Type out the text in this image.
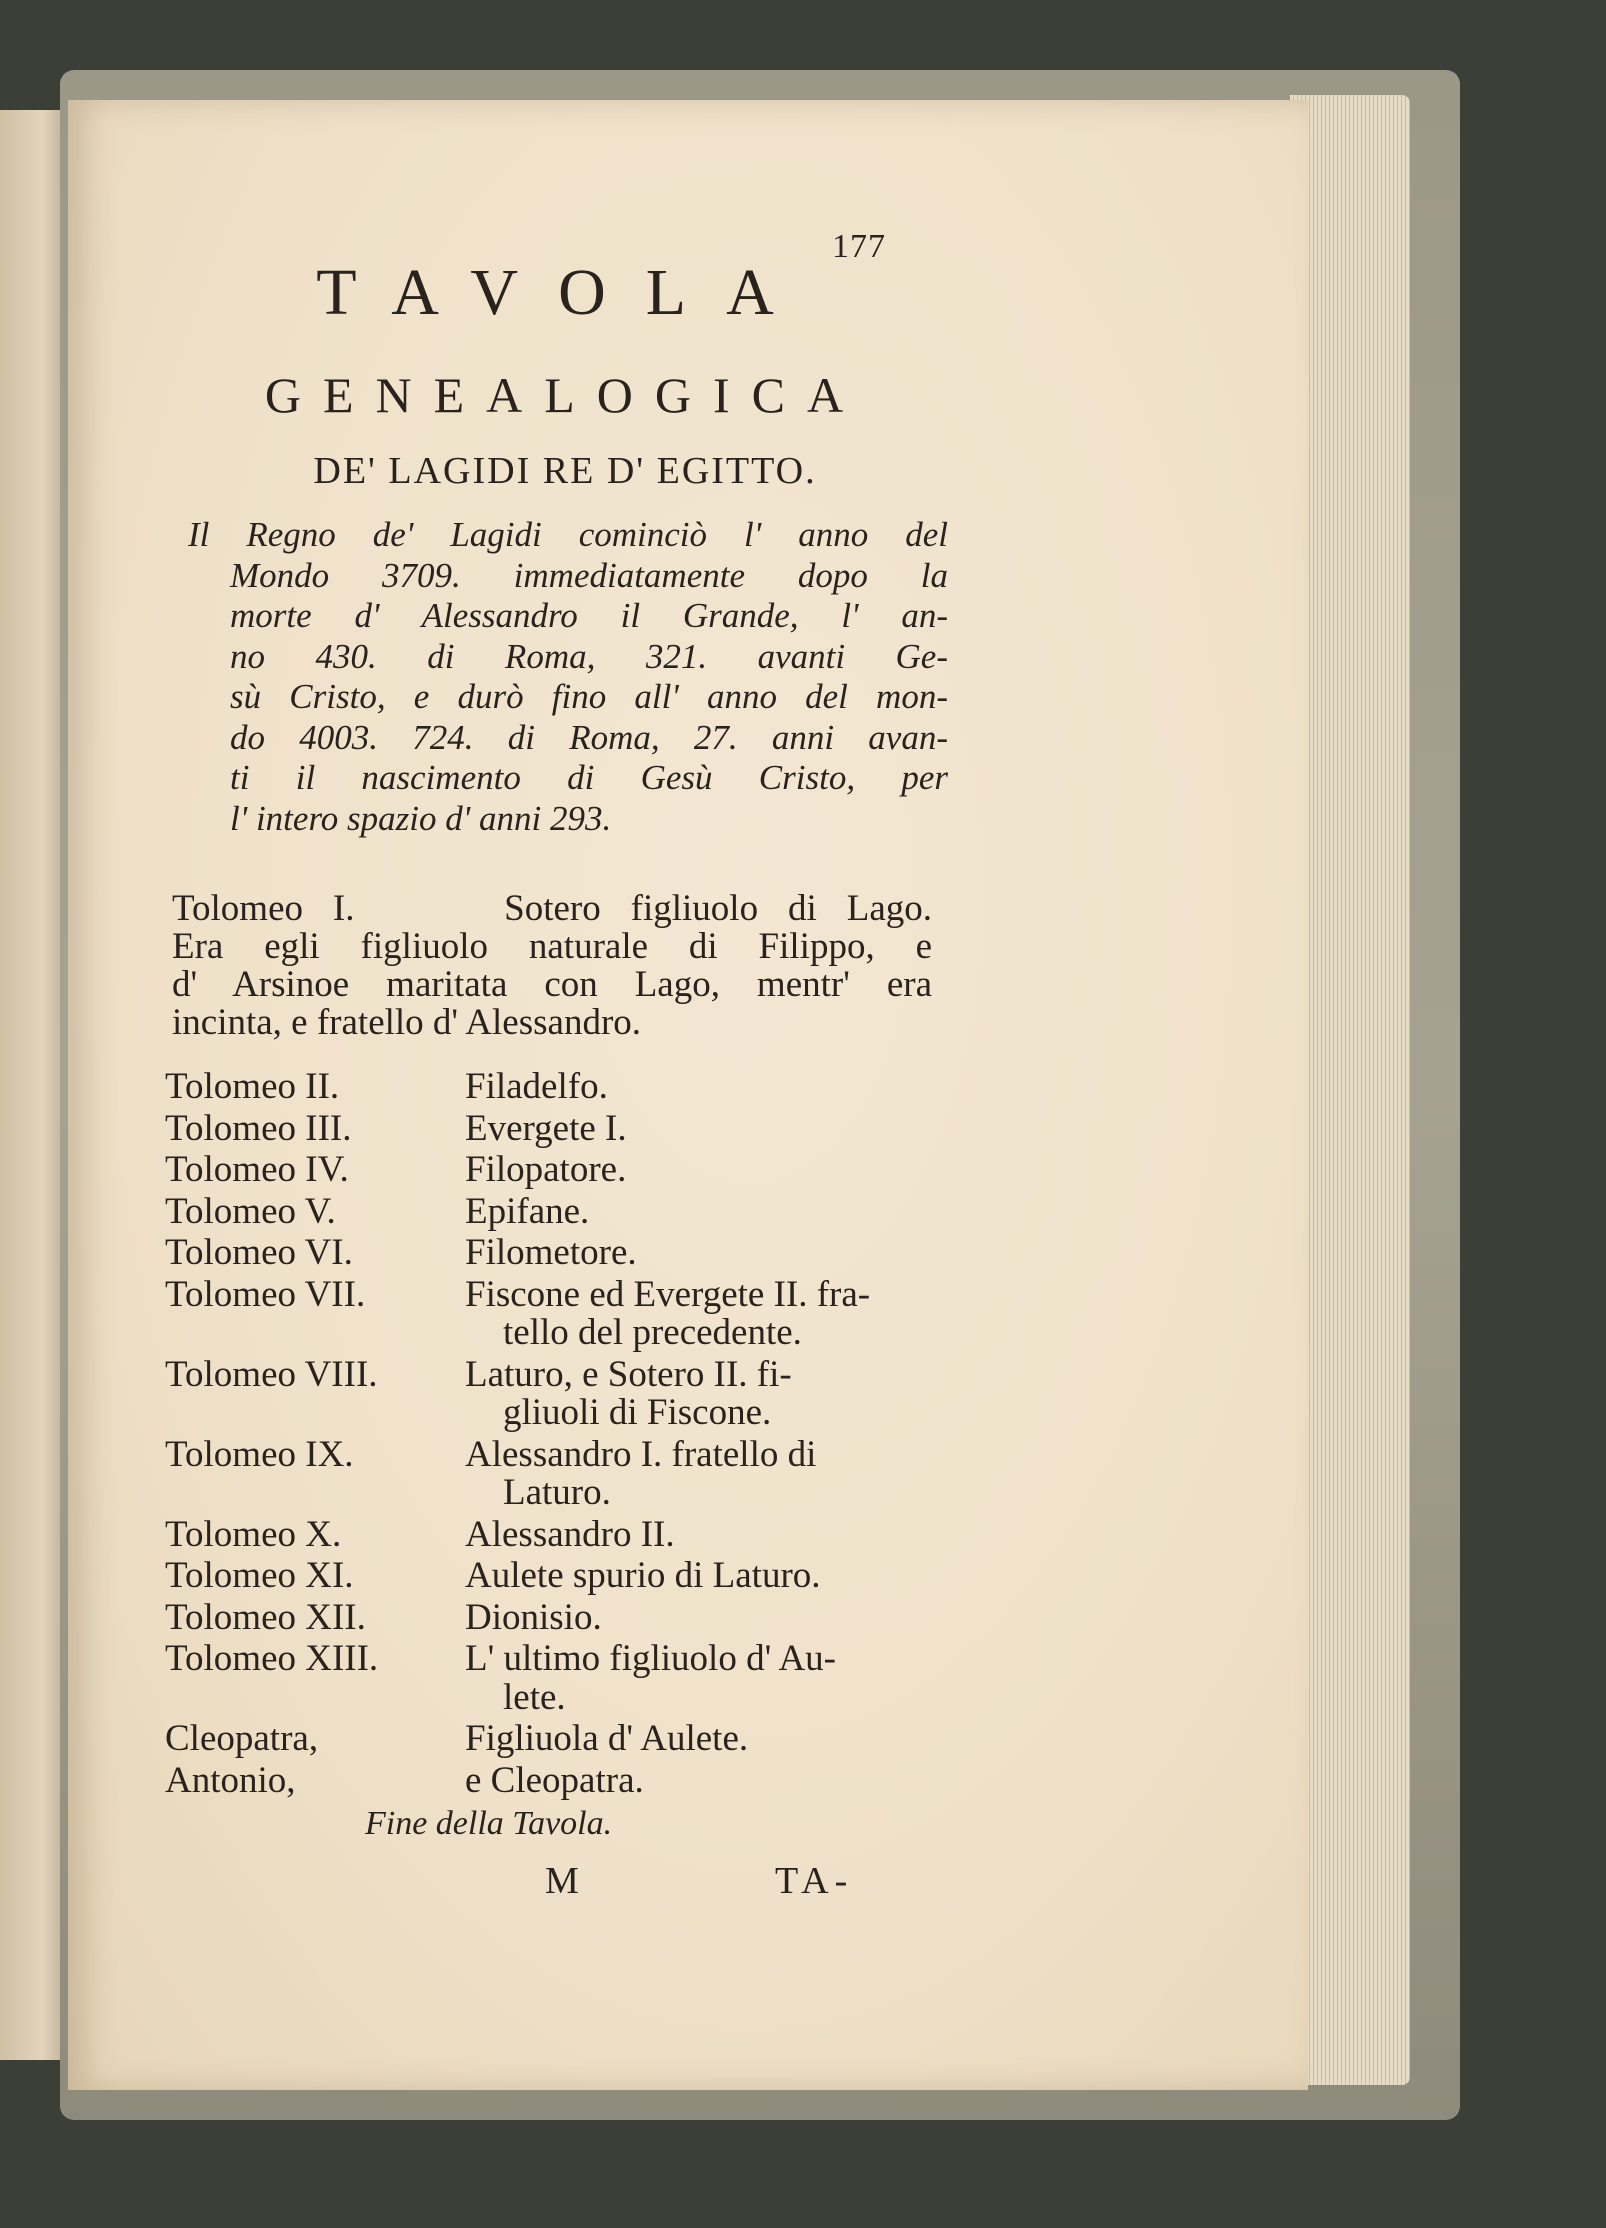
177
TAVOLA
GENEALOGICA
DE' LAGIDI RE D' EGITTO.
Il Regno de' Lagidi cominciò l' anno del
Mondo 3709. immediatamente dopo la
morte d' Alessandro il Grande, l' an-
no 430. di Roma, 321. avanti Ge-
sù Cristo, e durò fino all' anno del mon-
do 4003. 724. di Roma, 27. anni avan-
ti il nascimento di Gesù Cristo, per
l' intero spazio d' anni 293.
Tolomeo I.     Sotero figliuolo di Lago.
Era egli figliuolo naturale di Filippo, e
d' Arsinoe maritata con Lago, mentr' era
incinta, e fratello d' Alessandro.
Tolomeo II.	Filadelfo.
Tolomeo III.	Evergete I.
Tolomeo IV.	Filopatore.
Tolomeo V.	Epifane.
Tolomeo VI.	Filometore.
Tolomeo VII.	Fiscone ed Evergete II. fra-
tello del precedente.
Tolomeo VIII. Laturo, e Sotero II. fi-
gliuoli di Fiscone.
Tolomeo IX.	Alessandro I. fratello di
Laturo.
Tolomeo X.	Alessandro II.
Tolomeo XI.	Aulete spurio di Laturo.
Tolomeo XII.	Dionisio.
Tolomeo XIII. L' ultimo figliuolo d' Au-
lete.
Cleopatra,	Figliuola d' Aulete.
Antonio,	e Cleopatra.
Fine della Tavola.
M	TA-
